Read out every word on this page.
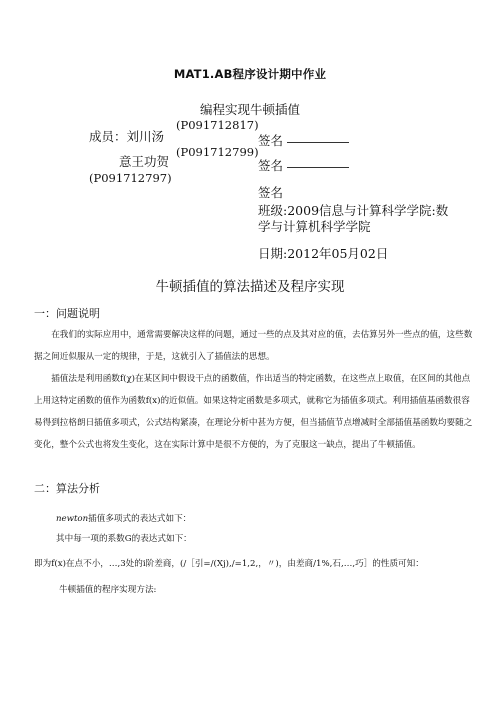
MAT1.AB程序设计期中作业
编程实现牛顿插值
(P091712817)
成员：刘川汤	签名
(P091712799)
意王功贺	签名
(P091712797)
签名
班级:2009信息与计算科学学院:数
学与计算机科学学院
日期:2012年05月02日
牛顿插值的算法描述及程序实现
一：问题说明

在我们的实际应用中，通常需要解决这样的问题，通过一些的点及其对应的值，去估算另外一些点的值，这些数据之间近似服从一定的规律，于是，这就引入了插值法的思想。

插值法是利用函数f(χ)在某区间中假设干点的函数值，作出适当的特定函数，在这些点上取值，在区间的其他点上用这特定函数的值作为函数f(x)的近似值。如果这特定函数是多项式，就称它为插值多项式。利用插值基函数很容易得到拉格朗日插值多项式，公式结构紧凑，在理论分析中甚为方便，但当插值节点增减时全部插值基函数均要随之变化，整个公式也将发生变化，这在实际计算中是很不方便的，为了克服这一缺点，提出了牛顿插值。

二：算法分析
newton插值多项式的表达式如下：
其中每一项的系数G的表达式如下：
即为f(x)在点不小，…,3处的i阶差商，(/［引=/(Xj),/=1,2,，〃)，由差商/1%,石,…,巧］的性质可知：
牛顿插值的程序实现方法:
